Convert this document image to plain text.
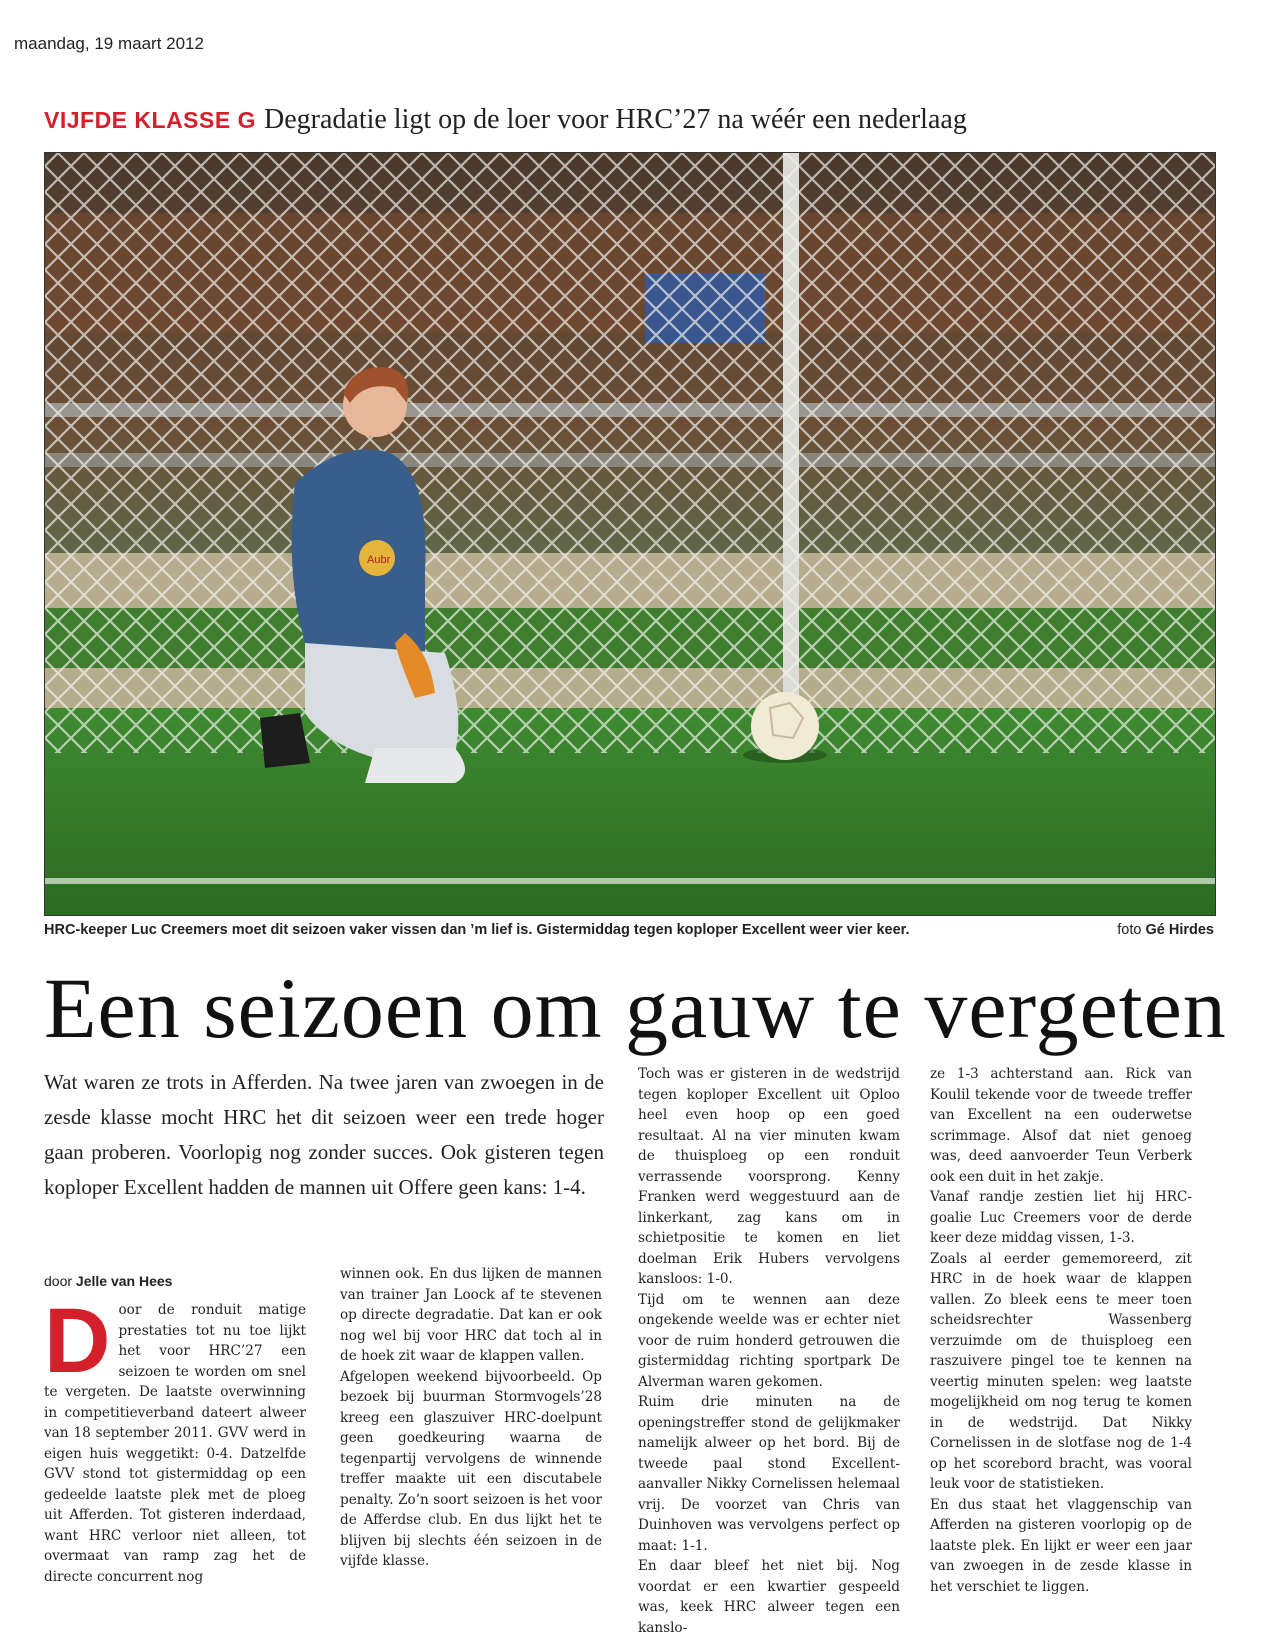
maandag, 19 maart 2012
VIJFDE KLASSE G Degradatie ligt op de loer voor HRC’27 na wéér een nederlaag
Aubr
HRC-keeper Luc Creemers moet dit seizoen vaker vissen dan ’m lief is. Gistermiddag tegen koploper Excellent weer vier keer.	foto Gé Hirdes
Een seizoen om gauw te vergeten
Wat waren ze trots in Afferden. Na twee jaren van zwoegen in de zesde klasse mocht HRC het dit seizoen weer een trede hoger gaan proberen. Voorlopig nog zonder succes. Ook gisteren tegen koploper Excellent hadden de mannen uit Offere geen kans: 1-4.
door Jelle van Hees
D oor de ronduit matige prestaties tot nu toe lijkt het voor HRC’27 een seizoen te worden om snel te vergeten. De laatste overwinning in competitieverband dateert alweer van 18 september 2011. GVV werd in eigen huis weggetikt: 0-4. Datzelfde GVV stond tot gistermiddag op een gedeelde laatste plek met de ploeg uit Afferden. Tot gisteren inderdaad, want HRC verloor niet alleen, tot overmaat van ramp zag het de directe concurrent nog

winnen ook. En dus lijken de mannen van trainer Jan Loock af te stevenen op directe degradatie. Dat kan er ook nog wel bij voor HRC dat toch al in de hoek zit waar de klappen vallen.

Afgelopen weekend bijvoorbeeld. Op bezoek bij buurman Stormvogels’28 kreeg een glaszuiver HRC-doelpunt geen goedkeuring waarna de tegenpartij vervolgens de winnende treffer maakte uit een discutabele penalty. Zo’n soort seizoen is het voor de Afferdse club. En dus lijkt het te blijven bij slechts één seizoen in de vijfde klasse.

Toch was er gisteren in de wedstrijd tegen koploper Excellent uit Oploo heel even hoop op een goed resultaat. Al na vier minuten kwam de thuisploeg op een ronduit verrassende voorsprong. Kenny Franken werd weggestuurd aan de linkerkant, zag kans om in schietpositie te komen en liet doelman Erik Hubers vervolgens kansloos: 1-0.

Tijd om te wennen aan deze ongekende weelde was er echter niet voor de ruim honderd getrouwen die gistermiddag richting sportpark De Alverman waren gekomen.

Ruim drie minuten na de openingstreffer stond de gelijkmaker namelijk alweer op het bord. Bij de tweede paal stond Excellent-aanvaller Nikky Cornelissen helemaal vrij. De voorzet van Chris van Duinhoven was vervolgens perfect op maat: 1-1.

En daar bleef het niet bij. Nog voordat er een kwartier gespeeld was, keek HRC alweer tegen een kanslo-

ze 1-3 achterstand aan. Rick van Koulil tekende voor de tweede treffer van Excellent na een ouderwetse scrimmage. Alsof dat niet genoeg was, deed aanvoerder Teun Verberk ook een duit in het zakje.

Vanaf randje zestien liet hij HRC-goalie Luc Creemers voor de derde keer deze middag vissen, 1-3.

Zoals al eerder gememoreerd, zit HRC in de hoek waar de klappen vallen. Zo bleek eens te meer toen scheidsrechter Wassenberg verzuimde om de thuisploeg een raszuivere pingel toe te kennen na veertig minuten spelen: weg laatste mogelijkheid om nog terug te komen in de wedstrijd. Dat Nikky Cornelissen in de slotfase nog de 1-4 op het scorebord bracht, was vooral leuk voor de statistieken.

En dus staat het vlaggenschip van Afferden na gisteren voorlopig op de laatste plek. En lijkt er weer een jaar van zwoegen in de zesde klasse in het verschiet te liggen.
